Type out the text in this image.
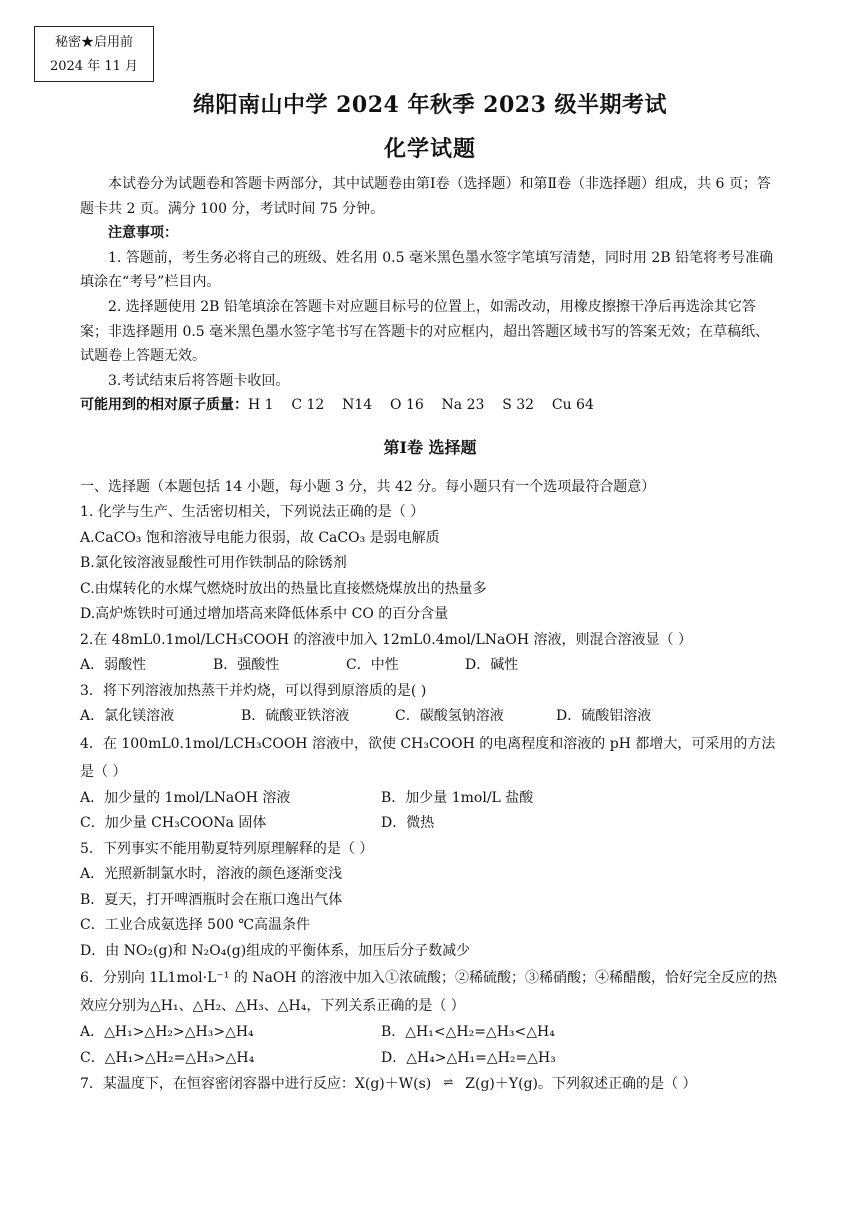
秘密★启用前
2024 年 11 月
绵阳南山中学 2024 年秋季 2023 级半期考试
化学试题

本试卷分为试题卷和答题卡两部分，其中试题卷由第Ⅰ卷（选择题）和第Ⅱ卷（非选择题）组成，共 6 页；答题卡共 2 页。满分 100 分，考试时间 75 分钟。

注意事项：

1. 答题前，考生务必将自己的班级、姓名用 0.5 毫米黑色墨水签字笔填写清楚，同时用 2B 铅笔将考号准确填涂在“考号”栏目内。

2. 选择题使用 2B 铅笔填涂在答题卡对应题目标号的位置上，如需改动，用橡皮擦擦干净后再选涂其它答案；非选择题用 0.5 毫米黑色墨水签字笔书写在答题卡的对应框内，超出答题区域书写的答案无效；在草稿纸、试题卷上答题无效。

3.考试结束后将答题卡收回。

可能用到的相对原子质量：H 1    C 12    N14    O 16    Na 23    S 32    Cu 64

第Ⅰ卷 选择题

一、选择题（本题包括 14 小题，每小题 3 分，共 42 分。每小题只有一个选项最符合题意）

1. 化学与生产、生活密切相关，下列说法正确的是（ ）

A.CaCO₃ 饱和溶液导电能力很弱，故 CaCO₃ 是弱电解质

B.氯化铵溶液显酸性可用作铁制品的除锈剂

C.由煤转化的水煤气燃烧时放出的热量比直接燃烧煤放出的热量多

D.高炉炼铁时可通过增加塔高来降低体系中 CO 的百分含量

2.在 48mL0.1mol/LCH₃COOH 的溶液中加入 12mL0.4mol/LNaOH 溶液，则混合溶液显（ ）

A．弱酸性	B．强酸性	C．中性	D．碱性

3．将下列溶液加热蒸干并灼烧，可以得到原溶质的是( )

A．氯化镁溶液	B．硫酸亚铁溶液	C．碳酸氢钠溶液	D．硫酸铝溶液

4．在 100mL0.1mol/LCH₃COOH 溶液中，欲使 CH₃COOH 的电离程度和溶液的 pH 都增大，可采用的方法是（ ）

A．加少量的 1mol/LNaOH 溶液	B．加少量 1mol/L 盐酸
C．加少量 CH₃COONa 固体	D．微热

5．下列事实不能用勒夏特列原理解释的是（ ）

A．光照新制氯水时，溶液的颜色逐渐变浅

B．夏天，打开啤酒瓶时会在瓶口逸出气体

C．工业合成氨选择 500 ℃高温条件

D．由 NO₂(g)和 N₂O₄(g)组成的平衡体系，加压后分子数减少

6．分别向 1L1mol·L⁻¹ 的 NaOH 的溶液中加入①浓硫酸；②稀硫酸；③稀硝酸；④稀醋酸，恰好完全反应的热效应分别为△H₁、△H₂、△H₃、△H₄，下列关系正确的是（ ）

A．△H₁>△H₂>△H₃>△H₄	B．△H₁<△H₂=△H₃<△H₄
C．△H₁>△H₂=△H₃>△H₄	D．△H₄>△H₁=△H₂=△H₃

7．某温度下，在恒容密闭容器中进行反应：X(g)＋W(s) ⇌ Z(g)＋Y(g)。下列叙述正确的是（ ）
